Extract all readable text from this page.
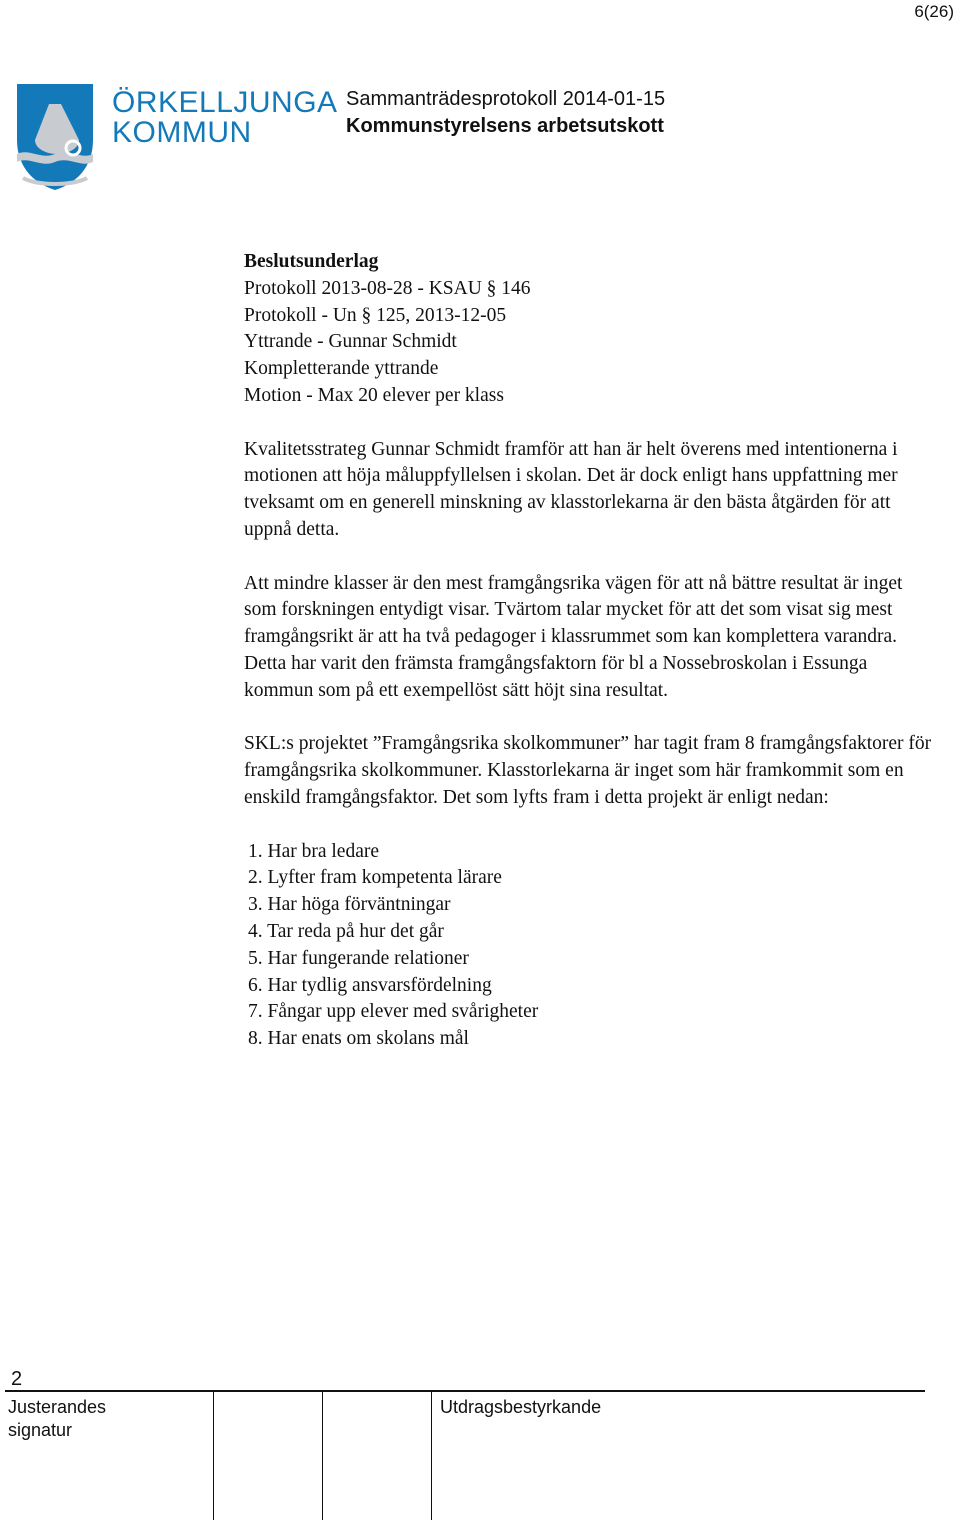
6(26)
ÖRKELLJUNGA
KOMMUN
Sammanträdesprotokoll 2014-01-15
Kommunstyrelsens arbetsutskott
Beslutsunderlag
Protokoll 2013-08-28 - KSAU § 146
Protokoll - Un § 125, 2013-12-05
Yttrande - Gunnar Schmidt
Kompletterande yttrande
Motion - Max 20 elever per klass

Kvalitetsstrateg Gunnar Schmidt framför att han är helt överens med intentionerna i motionen att höja måluppfyllelsen i skolan. Det är dock enligt hans uppfattning mer tveksamt om en generell minskning av klasstorlekarna är den bästa åtgärden för att uppnå detta.

Att mindre klasser är den mest framgångsrika vägen för att nå bättre resultat är inget som forskningen entydigt visar. Tvärtom talar mycket för att det som visat sig mest framgångsrikt är att ha två pedagoger i klassrummet som kan komplettera varandra. Detta har varit den främsta framgångsfaktorn för bl a Nossebroskolan i Essunga kommun som på ett exempellöst sätt höjt sina resultat.

SKL:s projektet ”Framgångsrika skolkommuner” har tagit fram 8 framgångsfaktorer för framgångsrika skolkommuner. Klasstorlekarna är inget som här framkommit som en enskild framgångsfaktor. Det som lyfts fram i detta projekt är enligt nedan:

1. Har bra ledare
2. Lyfter fram kompetenta lärare
3. Har höga förväntningar
4. Tar reda på hur det går
5. Har fungerande relationer
6. Har tydlig ansvarsfördelning
7. Fångar upp elever med svårigheter
8. Har enats om skolans mål
2
Justerandes
signatur
Utdragsbestyrkande
